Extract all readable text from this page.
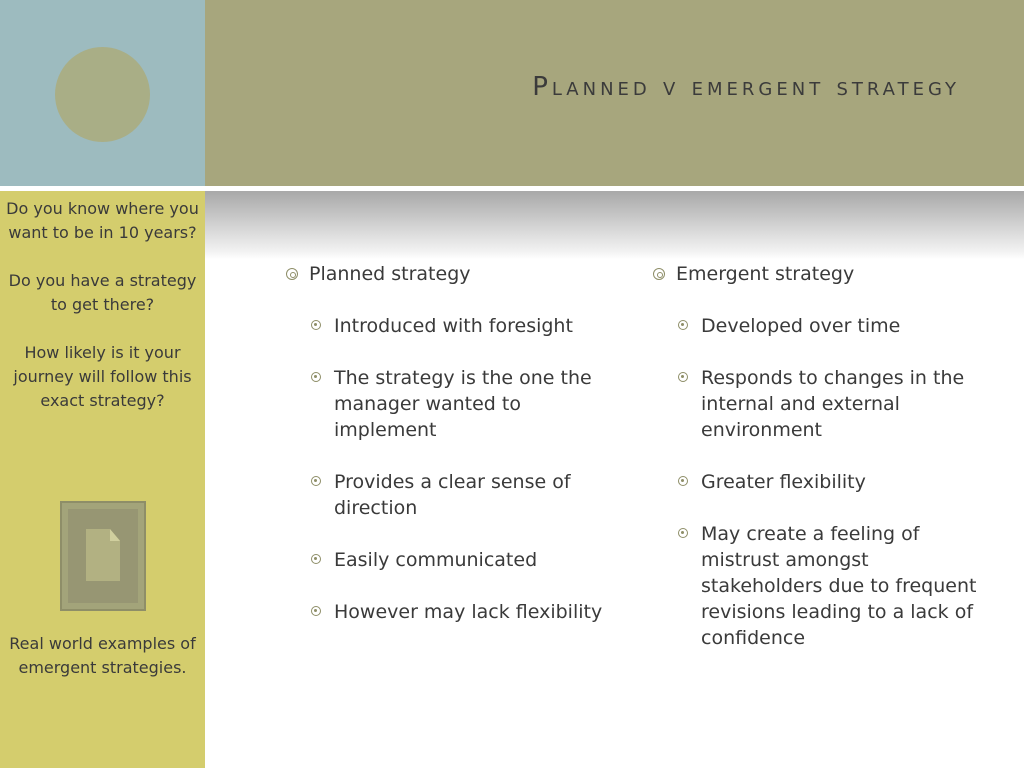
Planned v emergent strategy

Do you know where you want to be in 10 years?

Do you have a strategy to get there?

How likely is it your journey will follow this exact strategy?

Real world examples of emergent strategies.
Planned strategy
Introduced with foresight
The strategy is the one the manager wanted to implement
Provides a clear sense of direction
Easily communicated
However may lack flexibility
Emergent strategy
Developed over time
Responds to changes in the internal and external environment
Greater flexibility
May create a feeling of mistrust amongst stakeholders due to frequent revisions leading to a lack of confidence
